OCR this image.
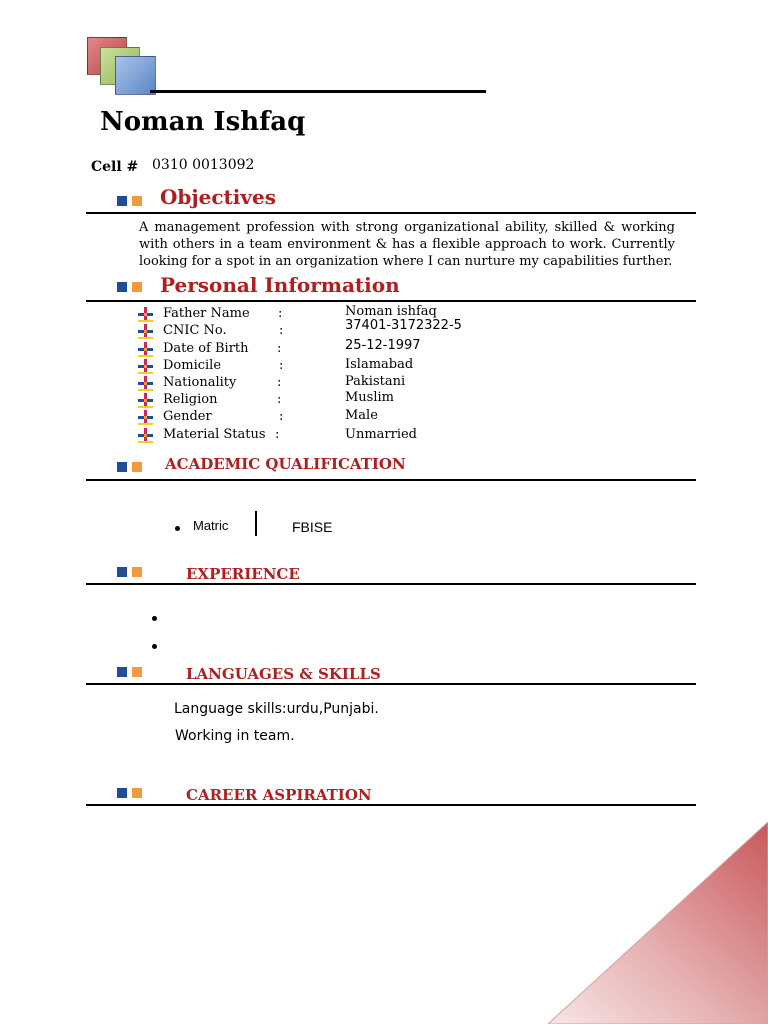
Noman Ishfaq
Cell # 0310 0013092
Objectives
A management profession with strong organizational ability, skilled & working with others in a team environment & has a flexible approach to work. Currently looking for a spot in an organization where I can nurture my capabilities further.
Personal Information
Father Name :	Noman ishfaq
CNIC No.	:	37401-3172322-5
Date of Birth :	25-12-1997
Domicile	:	Islamabad
Nationality	:	Pakistani
Religion	:	Muslim
Gender	:	Male
Material Status :	Unmarried
ACADEMIC QUALIFICATION
Matric	FBISE
EXPERIENCE
LANGUAGES & SKILLS
Language skills:urdu,Punjabi.
Working in team.
CAREER ASPIRATION
